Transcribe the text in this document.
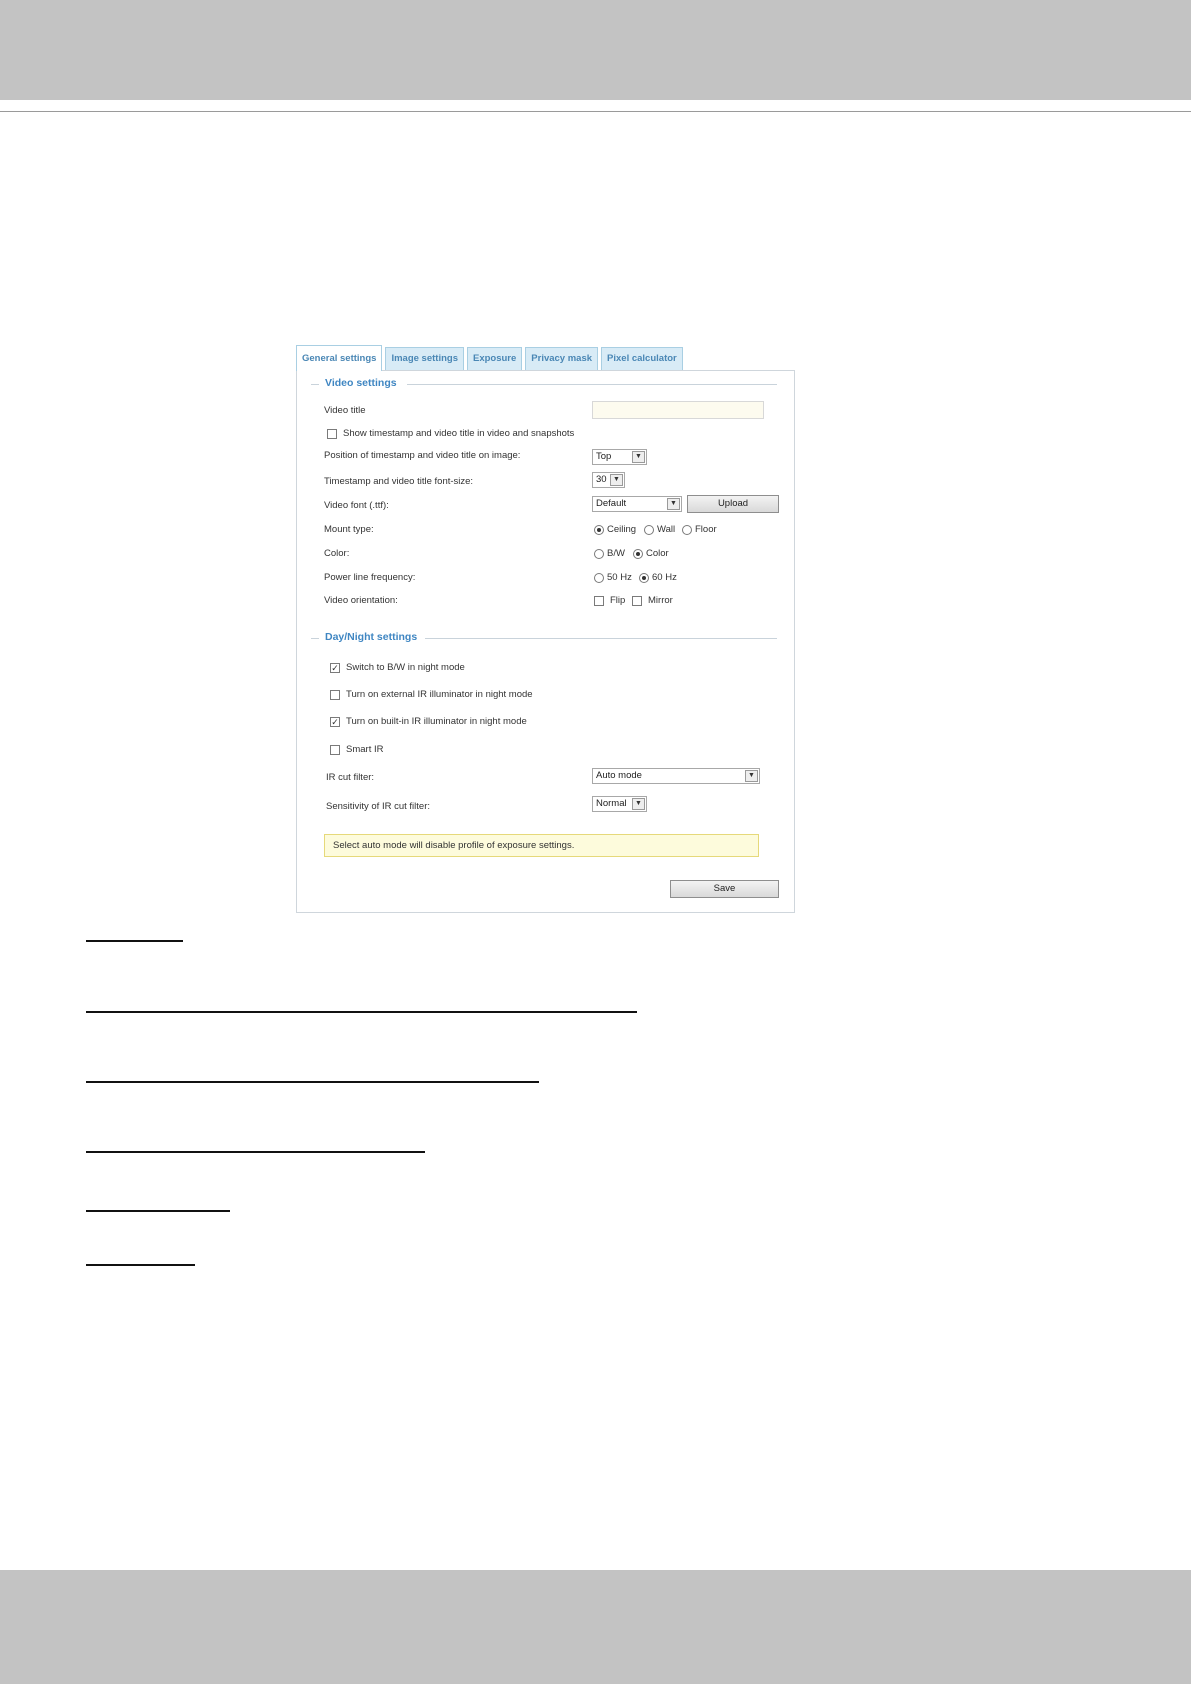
General settings	Image settings	Exposure	Privacy mask	Pixel calculator
Video settings
Video title
Show timestamp and video title in video and snapshots
Position of timestamp and video title on image:	Top	▼
Timestamp and video title font-size:	30 ▼
Video font (.ttf):	Default	▼	Upload
Mount type:	Ceiling Wall Floor
Color:	B/W Color
Power line frequency:	50 Hz 60 Hz
Video orientation:	Flip Mirror
Day/Night settings
✓ Switch to B/W in night mode
Turn on external IR illuminator in night mode
✓ Turn on built-in IR illuminator in night mode
Smart IR
IR cut filter:	Auto mode	▼
Sensitivity of IR cut filter:	Normal	▼
Select auto mode will disable profile of exposure settings.
Save
